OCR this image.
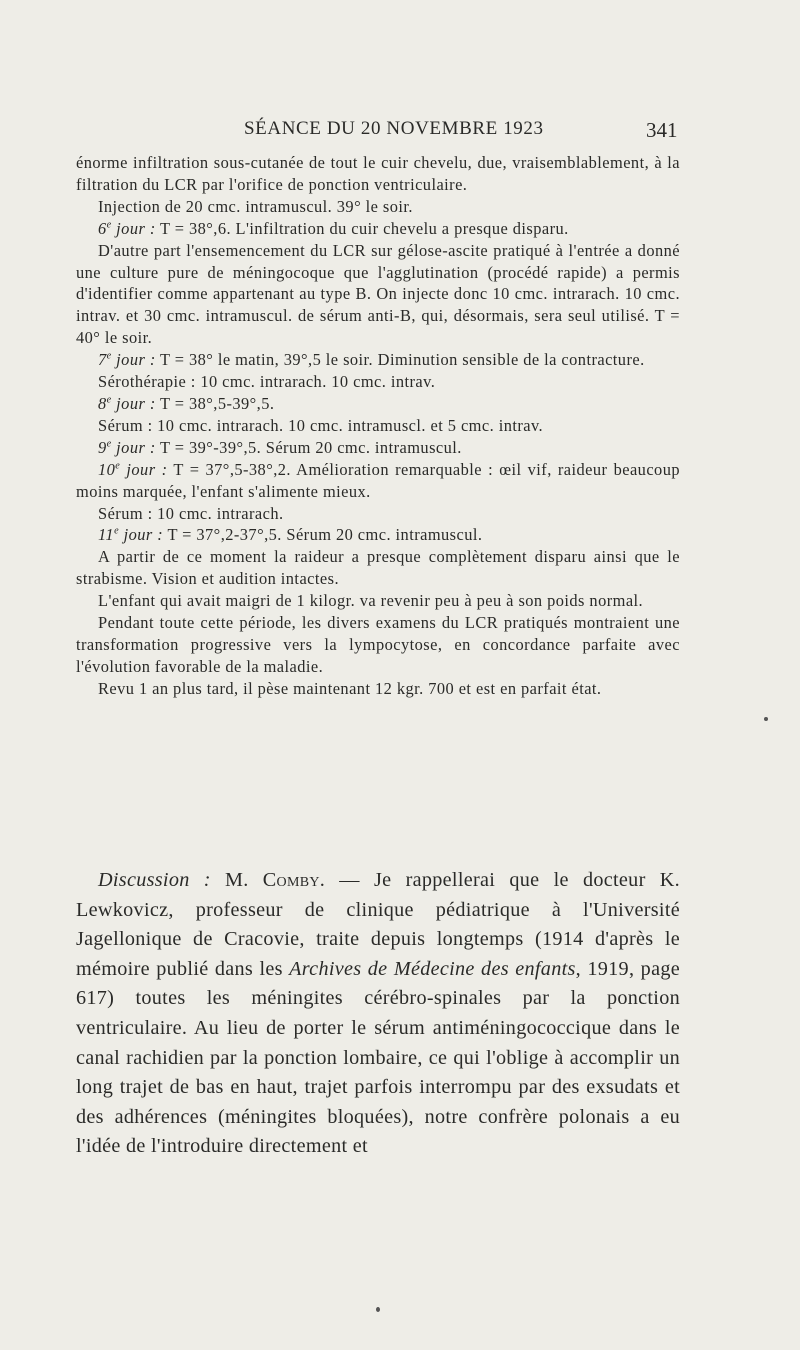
SÉANCE DU 20 NOVEMBRE 1923	341

énorme infiltration sous-cutanée de tout le cuir chevelu, due, vraisemblablement, à la filtration du LCR par l'orifice de ponction ventriculaire.

Injection de 20 cmc. intramuscul. 39° le soir.

6e jour : T = 38°,6. L'infiltration du cuir chevelu a presque disparu.

D'autre part l'ensemencement du LCR sur gélose-ascite pratiqué à l'entrée a donné une culture pure de méningocoque que l'agglutination (procédé rapide) a permis d'identifier comme appartenant au type B. On injecte donc 10 cmc. intrarach. 10 cmc. intrav. et 30 cmc. intramuscul. de sérum anti-B, qui, désormais, sera seul utilisé. T = 40° le soir.

7e jour : T = 38° le matin, 39°,5 le soir. Diminution sensible de la contracture.

Sérothérapie : 10 cmc. intrarach. 10 cmc. intrav.

8e jour : T = 38°,5-39°,5.

Sérum : 10 cmc. intrarach. 10 cmc. intramuscl. et 5 cmc. intrav.

9e jour : T = 39°-39°,5. Sérum 20 cmc. intramuscul.

10e jour : T = 37°,5-38°,2. Amélioration remarquable : œil vif, raideur beaucoup moins marquée, l'enfant s'alimente mieux.

Sérum : 10 cmc. intrarach.

11e jour : T = 37°,2-37°,5. Sérum 20 cmc. intramuscul.

A partir de ce moment la raideur a presque complètement disparu ainsi que le strabisme. Vision et audition intactes.

L'enfant qui avait maigri de 1 kilogr. va revenir peu à peu à son poids normal.

Pendant toute cette période, les divers examens du LCR pratiqués montraient une transformation progressive vers la lympocytose, en concordance parfaite avec l'évolution favorable de la maladie.

Revu 1 an plus tard, il pèse maintenant 12 kgr. 700 et est en parfait état.

Discussion : M. Comby. — Je rappellerai que le docteur K. Lewkovicz, professeur de clinique pédiatrique à l'Université Jagellonique de Cracovie, traite depuis longtemps (1914 d'après le mémoire publié dans les Archives de Médecine des enfants, 1919, page 617) toutes les méningites cérébro-spinales par la ponction ventriculaire. Au lieu de porter le sérum antiméningococcique dans le canal rachidien par la ponction lombaire, ce qui l'oblige à accomplir un long trajet de bas en haut, trajet parfois interrompu par des exsudats et des adhérences (méningites bloquées), notre confrère polonais a eu l'idée de l'introduire directement et
